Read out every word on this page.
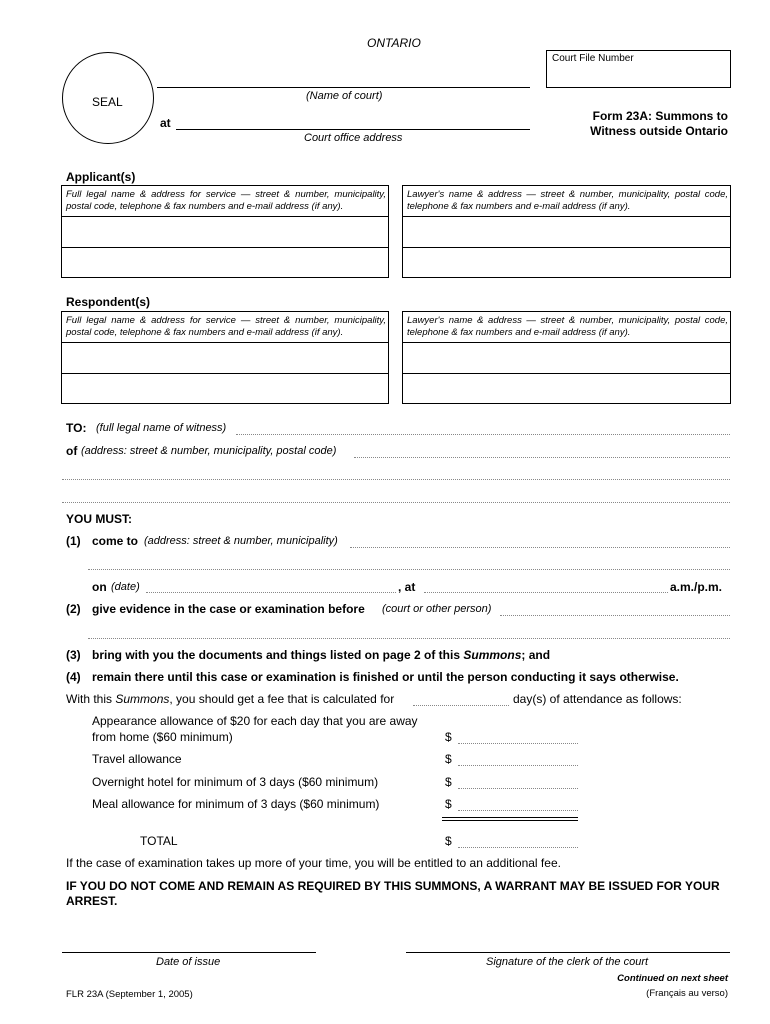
ONTARIO
Court File Number
SEAL	(Name of court)
at
Court office address
Form 23A: Summons to Witness outside Ontario
Applicant(s)
Full legal name & address for service — street & number, municipality, postal code, telephone & fax numbers and e-mail address (if any).
Lawyer's name & address — street & number, municipality, postal code, telephone & fax numbers and e-mail address (if any).
Respondent(s)
Full legal name & address for service — street & number, municipality, postal code, telephone & fax numbers and e-mail address (if any).
Lawyer's name & address — street & number, municipality, postal code, telephone & fax numbers and e-mail address (if any).
TO: (full legal name of witness)
of (address: street & number, municipality, postal code)
YOU MUST:
(1) come to (address: street & number, municipality)
on (date)	, at	a.m./p.m.
(2) give evidence in the case or examination before (court or other person)
(3) bring with you the documents and things listed on page 2 of this Summons; and
(4) remain there until this case or examination is finished or until the person conducting it says otherwise.
With this Summons, you should get a fee that is calculated for	day(s) of attendance as follows:
Appearance allowance of $20 for each day that you are away
from home ($60 minimum)	$
Travel allowance	$
Overnight hotel for minimum of 3 days ($60 minimum)	$
Meal allowance for minimum of 3 days ($60 minimum)	$
TOTAL	$
If the case of examination takes up more of your time, you will be entitled to an additional fee.
IF YOU DO NOT COME AND REMAIN AS REQUIRED BY THIS SUMMONS, A WARRANT MAY BE ISSUED FOR YOUR ARREST.
Date of issue	Signature of the clerk of the court
Continued on next sheet
(Français au verso)
FLR 23A (September 1, 2005)
